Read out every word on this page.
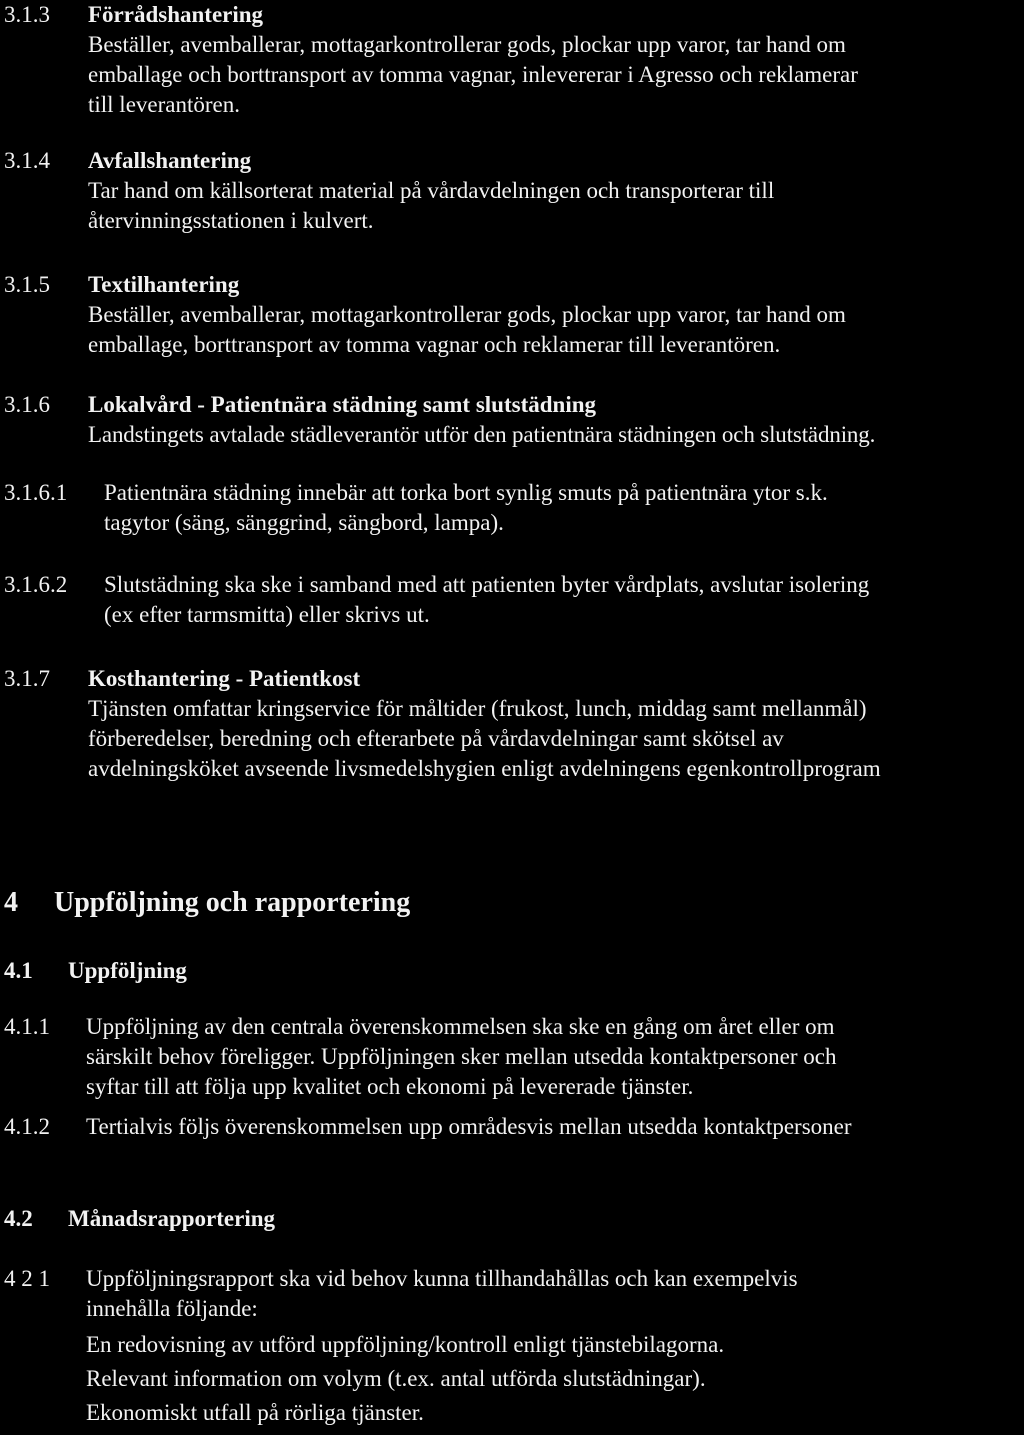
3.1.3 Förrådshantering
Beställer, avemballerar, mottagarkontrollerar gods, plockar upp varor, tar hand om
emballage och borttransport av tomma vagnar, inlevererar i Agresso och reklamerar
till leverantören.
3.1.4 Avfallshantering
Tar hand om källsorterat material på vårdavdelningen och transporterar till
återvinningsstationen i kulvert.
3.1.5 Textilhantering
Beställer, avemballerar, mottagarkontrollerar gods, plockar upp varor, tar hand om
emballage, borttransport av tomma vagnar och reklamerar till leverantören.
3.1.6 Lokalvård - Patientnära städning samt slutstädning
Landstingets avtalade städleverantör utför den patientnära städningen och slutstädning.
3.1.6.1 Patientnära städning innebär att torka bort synlig smuts på patientnära ytor s.k.
tagytor (säng, sänggrind, sängbord, lampa).
3.1.6.2 Slutstädning ska ske i samband med att patienten byter vårdplats, avslutar isolering
(ex efter tarmsmitta) eller skrivs ut.
3.1.7 Kosthantering - Patientkost
Tjänsten omfattar kringservice för måltider (frukost, lunch, middag samt mellanmål)
förberedelser, beredning och efterarbete på vårdavdelningar samt skötsel av
avdelningsköket avseende livsmedelshygien enligt avdelningens egenkontrollprogram
4 Uppföljning och rapportering
4.1 Uppföljning
4.1.1 Uppföljning av den centrala överenskommelsen ska ske en gång om året eller om
särskilt behov föreligger. Uppföljningen sker mellan utsedda kontaktpersoner och
syftar till att följa upp kvalitet och ekonomi på levererade tjänster.
4.1.2 Tertialvis följs överenskommelsen upp områdesvis mellan utsedda kontaktpersoner
4.2 Månadsrapportering
4 2 1 Uppföljningsrapport ska vid behov kunna tillhandahållas och kan exempelvis
innehålla följande:
En redovisning av utförd uppföljning/kontroll enligt tjänstebilagorna.
Relevant information om volym (t.ex. antal utförda slutstädningar).
Ekonomiskt utfall på rörliga tjänster.
